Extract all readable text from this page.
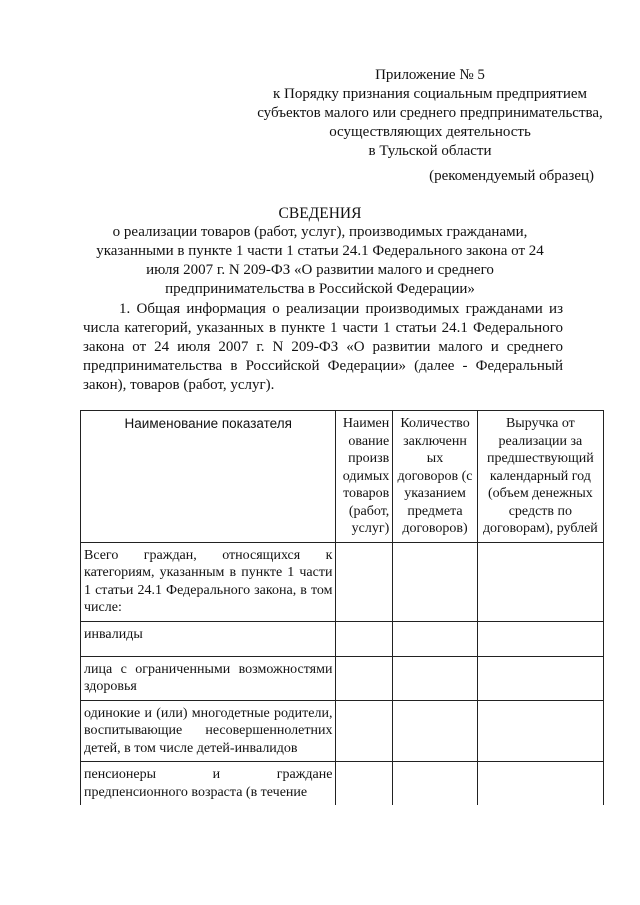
Приложение № 5
к Порядку признания социальным предприятием
субъектов малого или среднего предпринимательства,
осуществляющих деятельность
в Тульской области
(рекомендуемый образец)
СВЕДЕНИЯ
о реализации товаров (работ, услуг), производимых гражданами,
указанными в пункте 1 части 1 статьи 24.1 Федерального закона от 24
июля 2007 г. N 209-ФЗ «О развитии малого и среднего
предпринимательства в Российской Федерации»
1. Общая информация о реализации производимых гражданами из числа категорий, указанных в пункте 1 части 1 статьи 24.1 Федерального закона от 24 июля 2007 г. N 209-ФЗ «О развитии малого и среднего предпринимательства в Российской Федерации» (далее - Федеральный закон), товаров (работ, услуг).
Наименование показателя	Наимен ование произв одимых товаров (работ, услуг)	Количество заключенн ых договоров (с указанием предмета договоров)	Выручка от реализации за предшествующий календарный год (объем денежных средств по договорам), рублей
Всего граждан, относящихся к категориям, указанным в пункте 1 части 1 статьи 24.1 Федерального закона, в том числе:			
инвалиды			
лица с ограниченными возможностями здоровья			
одинокие и (или) многодетные родители, воспитывающие несовершеннолетних детей, в том числе детей-инвалидов			
пенсионеры и граждане предпенсионного возраста (в течение			
